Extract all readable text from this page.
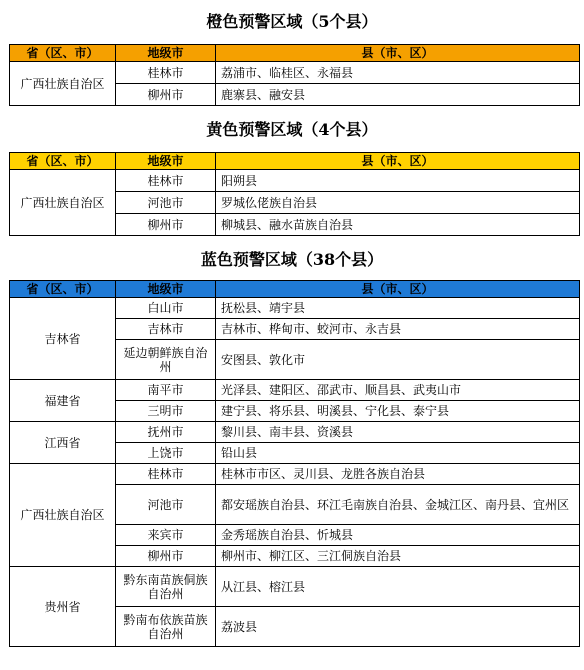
橙色预警区域（5个县）
省（区、市）	地级市	县（市、区）
广西壮族自治区	桂林市	荔浦市、临桂区、永福县
	柳州市	鹿寨县、融安县
黄色预警区域（4个县）
省（区、市）	地级市	县（市、区）
广西壮族自治区	桂林市	阳朔县
	河池市	罗城仫佬族自治县
	柳州市	柳城县、融水苗族自治县
蓝色预警区域（38个县）
省（区、市）	地级市	县（市、区）
吉林省	白山市	抚松县、靖宇县
	吉林市	吉林市、桦甸市、蛟河市、永吉县
	延边朝鲜族自治州	安图县、敦化市
福建省	南平市	光泽县、建阳区、邵武市、顺昌县、武夷山市
	三明市	建宁县、将乐县、明溪县、宁化县、泰宁县
江西省	抚州市	黎川县、南丰县、资溪县
	上饶市	铅山县
广西壮族自治区	桂林市	桂林市市区、灵川县、龙胜各族自治县
	河池市	都安瑶族自治县、环江毛南族自治县、金城江区、南丹县、宜州区
	来宾市	金秀瑶族自治县、忻城县
	柳州市	柳州市、柳江区、三江侗族自治县
贵州省	黔东南苗族侗族自治州	从江县、榕江县
	黔南布依族苗族自治州	荔波县
